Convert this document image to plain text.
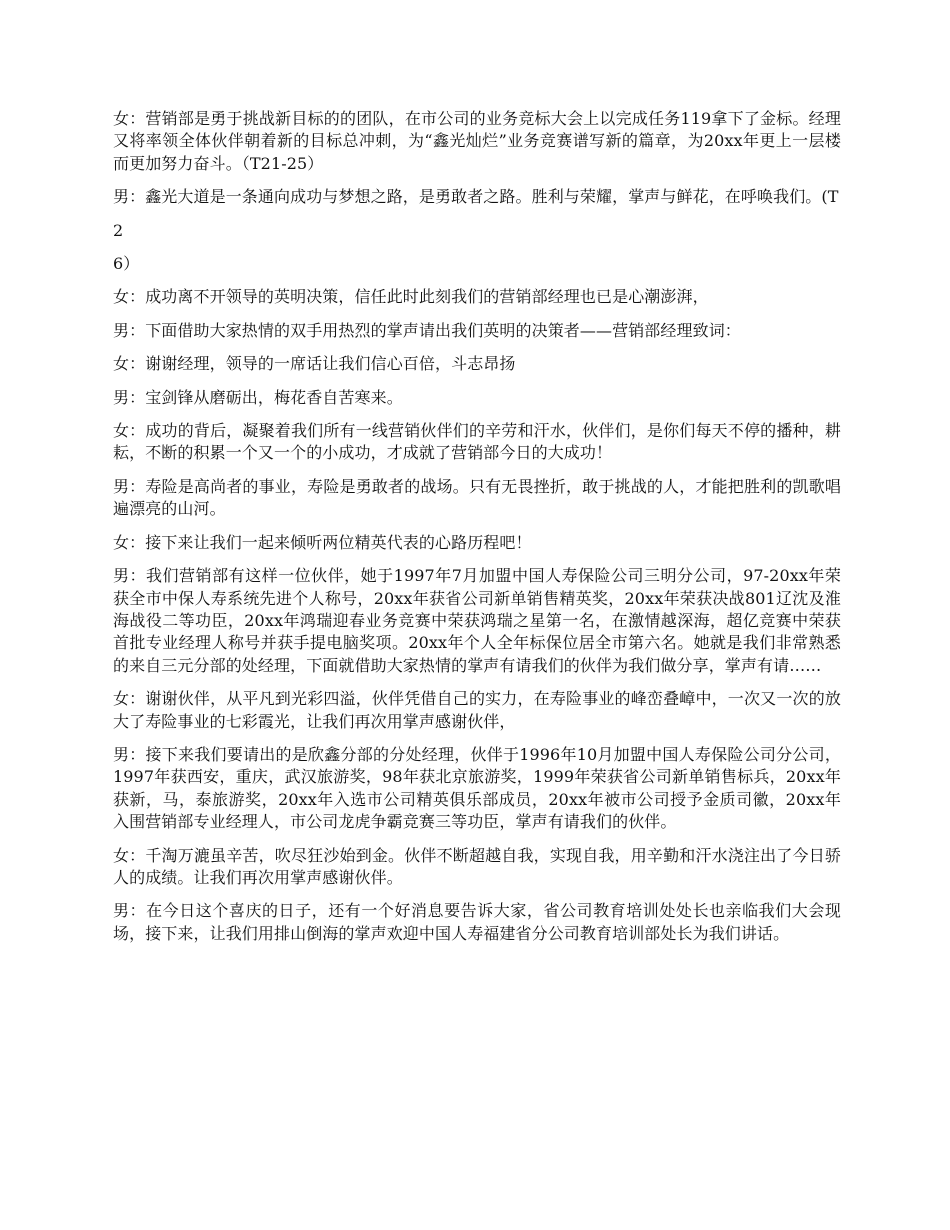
女：营销部是勇于挑战新目标的的团队，在市公司的业务竞标大会上以完成任务119拿下了金标。经理又将率领全体伙伴朝着新的目标总冲刺，为“鑫光灿烂”业务竞赛谱写新的篇章，为20xx年更上一层楼而更加努力奋斗。（T21-25）

男：鑫光大道是一条通向成功与梦想之路，是勇敢者之路。胜利与荣耀，掌声与鲜花，在呼唤我们。(T

2

6）

女：成功离不开领导的英明决策，信任此时此刻我们的营销部经理也已是心潮澎湃，

男：下面借助大家热情的双手用热烈的掌声请出我们英明的决策者——营销部经理致词：

女：谢谢经理，领导的一席话让我们信心百倍，斗志昂扬

男：宝剑锋从磨砺出，梅花香自苦寒来。

女：成功的背后，凝聚着我们所有一线营销伙伴们的辛劳和汗水，伙伴们，是你们每天不停的播种，耕耘，不断的积累一个又一个的小成功，才成就了营销部今日的大成功！

男：寿险是高尚者的事业，寿险是勇敢者的战场。只有无畏挫折，敢于挑战的人，才能把胜利的凯歌唱遍漂亮的山河。

女：接下来让我们一起来倾听两位精英代表的心路历程吧！

男：我们营销部有这样一位伙伴，她于1997年7月加盟中国人寿保险公司三明分公司，97-20xx年荣获全市中保人寿系统先进个人称号，20xx年获省公司新单销售精英奖，20xx年荣获决战801辽沈及淮海战役二等功臣，20xx年鸿瑞迎春业务竞赛中荣获鸿瑞之星第一名，在激情越深海，超亿竞赛中荣获首批专业经理人称号并获手提电脑奖项。20xx年个人全年标保位居全市第六名。她就是我们非常熟悉的来自三元分部的处经理，下面就借助大家热情的掌声有请我们的伙伴为我们做分享，掌声有请……

女：谢谢伙伴，从平凡到光彩四溢，伙伴凭借自己的实力，在寿险事业的峰峦叠嶂中，一次又一次的放大了寿险事业的七彩霞光，让我们再次用掌声感谢伙伴，

男：接下来我们要请出的是欣鑫分部的分处经理，伙伴于1996年10月加盟中国人寿保险公司分公司，1997年获西安，重庆，武汉旅游奖，98年获北京旅游奖，1999年荣获省公司新单销售标兵，20xx年获新，马，泰旅游奖，20xx年入选市公司精英俱乐部成员，20xx年被市公司授予金质司徽，20xx年入围营销部专业经理人，市公司龙虎争霸竞赛三等功臣，掌声有请我们的伙伴。

女：千淘万漉虽辛苦，吹尽狂沙始到金。伙伴不断超越自我，实现自我，用辛勤和汗水浇注出了今日骄人的成绩。让我们再次用掌声感谢伙伴。

男：在今日这个喜庆的日子，还有一个好消息要告诉大家，省公司教育培训处处长也亲临我们大会现场，接下来，让我们用排山倒海的掌声欢迎中国人寿福建省分公司教育培训部处长为我们讲话。
